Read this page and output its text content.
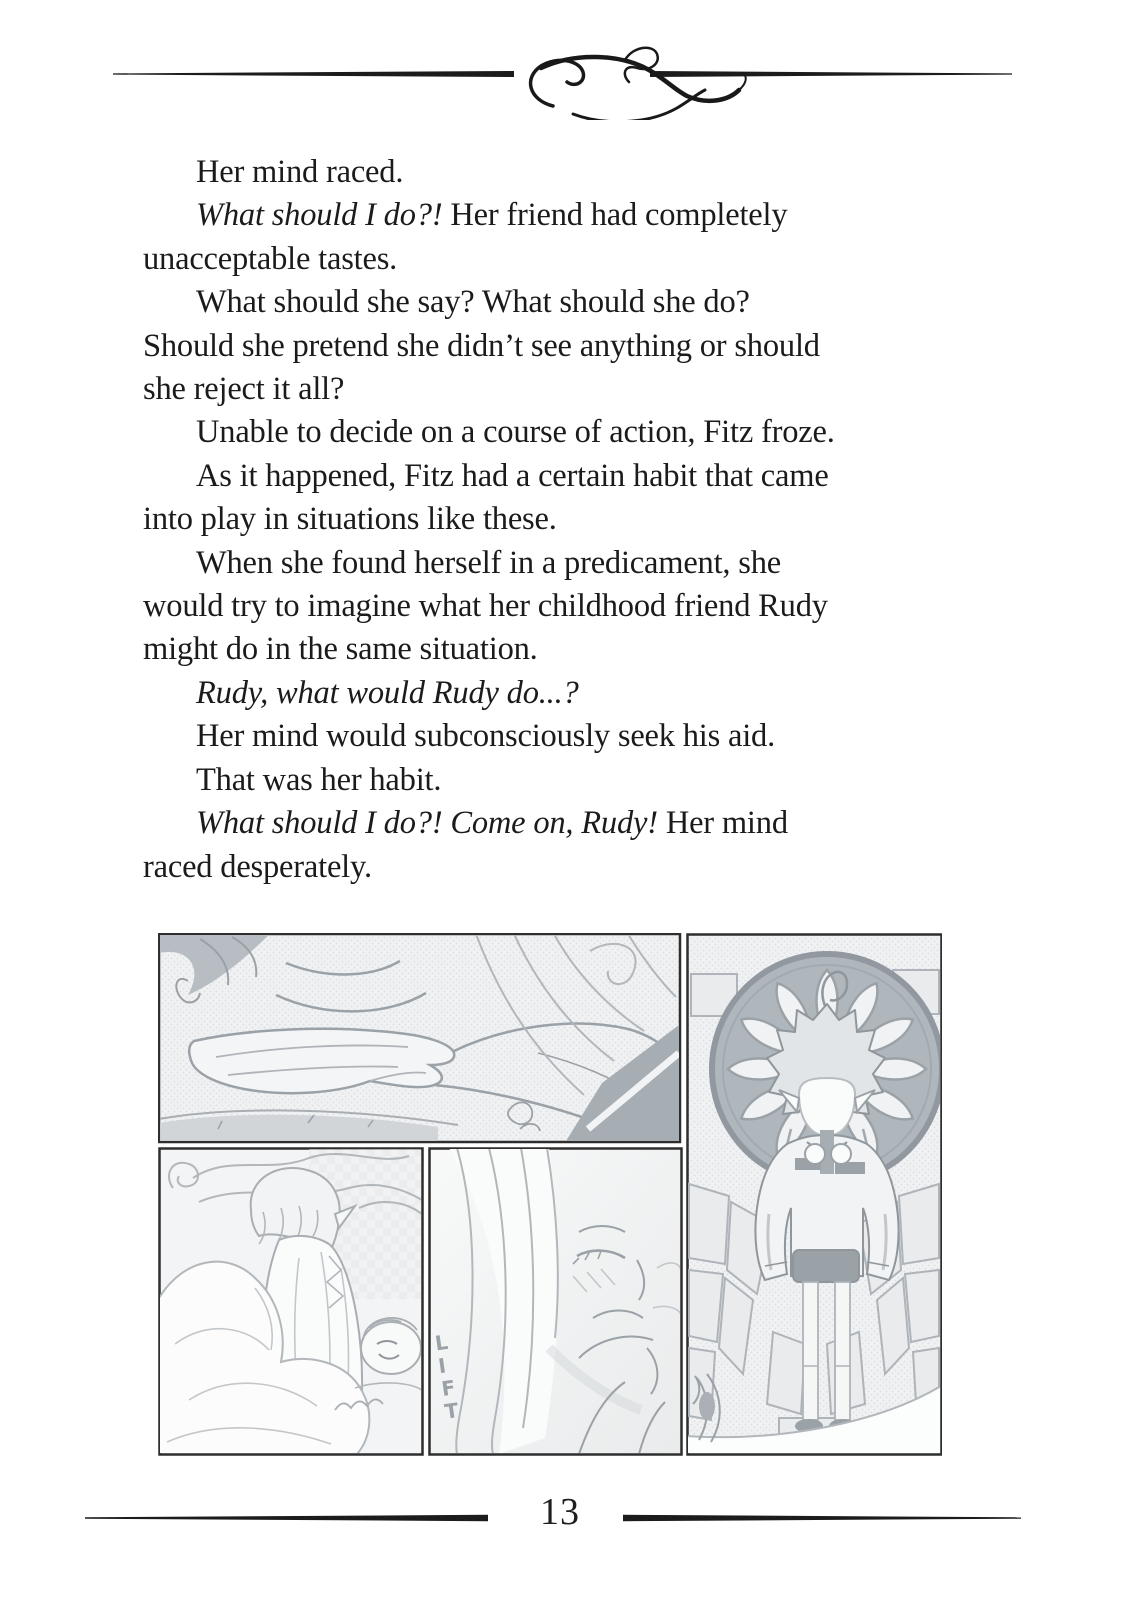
Her mind raced.

What should I do?! Her friend had completely
unacceptable tastes.

What should she say? What should she do?
Should she pretend she didn’t see anything or should
she reject it all?

Unable to decide on a course of action, Fitz froze.

As it happened, Fitz had a certain habit that came
into play in situations like these.

When she found herself in a predicament, she
would try to imagine what her childhood friend Rudy
might do in the same situation.

Rudy, what would Rudy do...?

Her mind would subconsciously seek his aid.

That was her habit.

What should I do?! Come on, Rudy! Her mind
raced desperately.

LIFT
13
